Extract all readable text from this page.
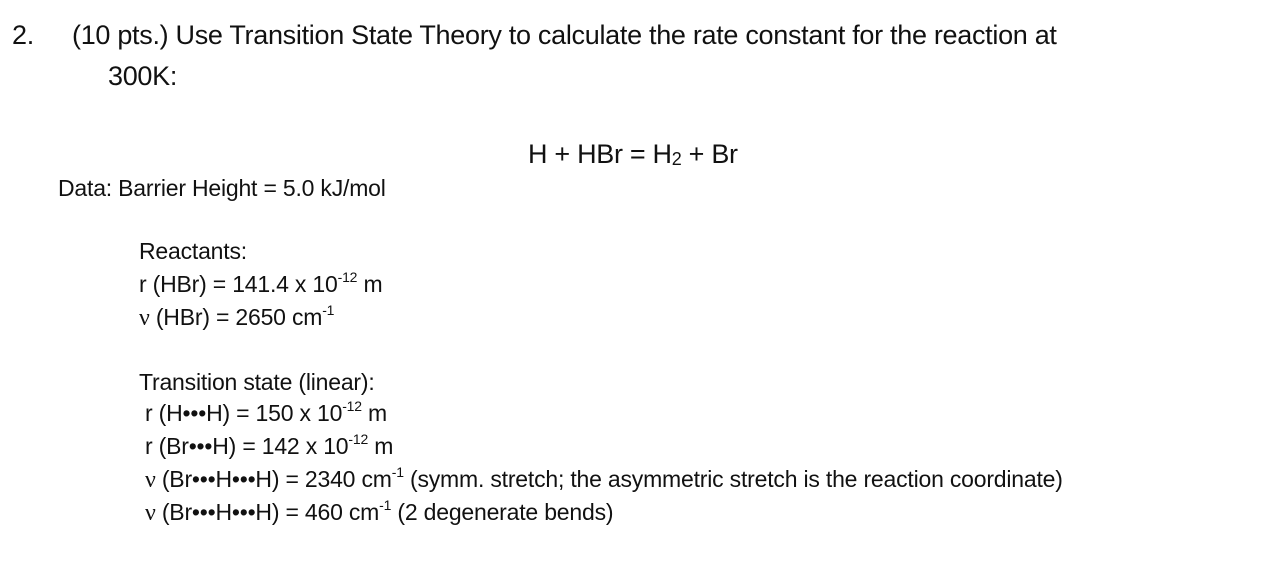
2. (10 pts.) Use Transition State Theory to calculate the rate constant for the reaction at
300K:
H + HBr = $H_2 + Br$
Data: Barrier Height = 5.0 kJ/mol
Reactants:
r (HBr) = 141.4 x $10^{-12}$ m
ν (HBr) = 2650 $cm^{-1}$
Transition state (linear):
r (H•••H) = 150 x $10^{-12}$ m
r (Br•••H) = 142 x $10^{-12}$ m
ν (Br•••H•••H) = 2340 $cm^{-1}$ (symm. stretch; the asymmetric stretch is the reaction coordinate)
ν (Br•••H•••H) = 460 $cm^{-1}$ (2 degenerate bends)
